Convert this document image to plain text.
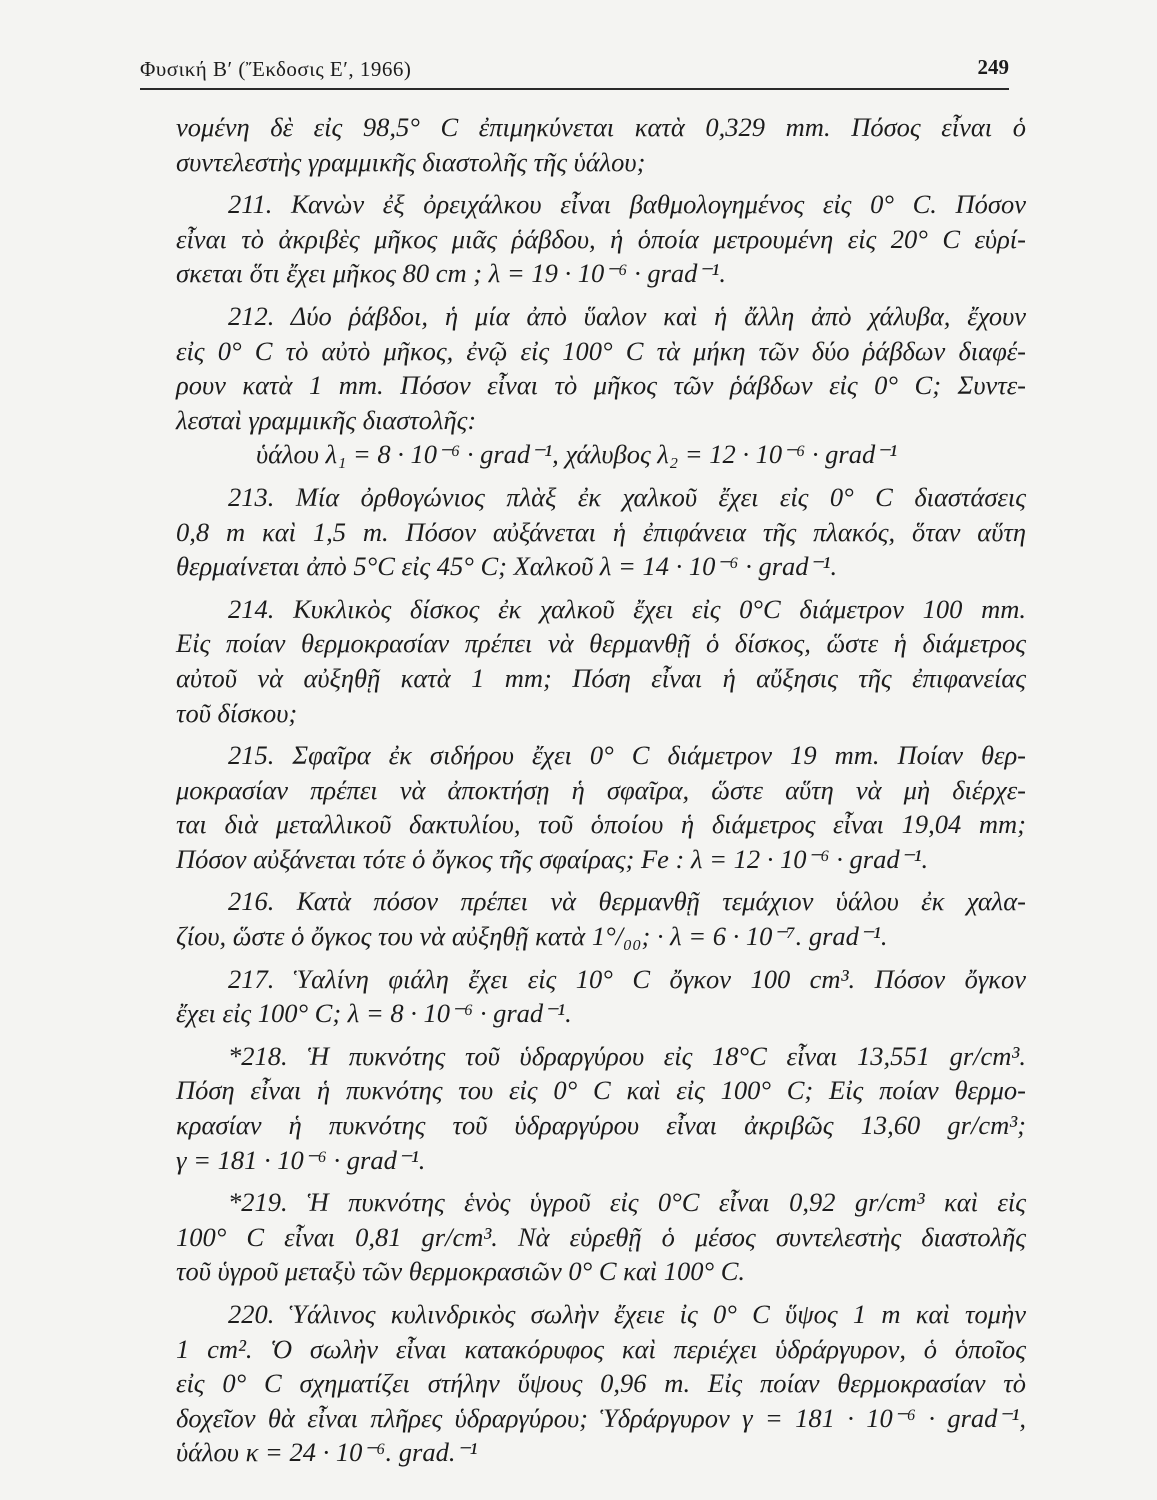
Φυσική Β′ (Ἔκδοσις Ε′, 1966)	249
νομένη δὲ εἰς 98,5° C ἐπιμηκύνεται κατὰ 0,329 mm. Πόσος εἶναι ὁ
συντελεστὴς γραμμικῆς διαστολῆς τῆς ὑάλου;
211. Κανὼν ἐξ ὀρειχάλκου εἶναι βαθμολογημένος εἰς 0° C. Πόσον
εἶναι τὸ ἀκριβὲς μῆκος μιᾶς ῥάβδου, ἡ ὁποία μετρουμένη εἰς 20° C εὑρί-
σκεται ὅτι ἔχει μῆκος 80 cm ; λ = 19 · 10⁻⁶ · grad⁻¹.
212. Δύο ῥάβδοι, ἡ μία ἀπὸ ὕαλον καὶ ἡ ἄλλη ἀπὸ χάλυβα, ἔχουν
εἰς 0° C τὸ αὐτὸ μῆκος, ἐνῷ εἰς 100° C τὰ μήκη τῶν δύο ῥάβδων διαφέ-
ρουν κατὰ 1 mm. Πόσον εἶναι τὸ μῆκος τῶν ῥάβδων εἰς 0° C; Συντε-
λεσταὶ γραμμικῆς διαστολῆς:
ὑάλου λ₁ = 8 · 10⁻⁶ · grad⁻¹, χάλυβος λ₂ = 12 · 10⁻⁶ · grad⁻¹
213. Μία ὀρθογώνιος πλὰξ ἐκ χαλκοῦ ἔχει εἰς 0° C διαστάσεις
0,8 m καὶ 1,5 m. Πόσον αὐξάνεται ἡ ἐπιφάνεια τῆς πλακός, ὅταν αὕτη
θερμαίνεται ἀπὸ 5°C εἰς 45° C; Χαλκοῦ λ = 14 · 10⁻⁶ · grad⁻¹.
214. Κυκλικὸς δίσκος ἐκ χαλκοῦ ἔχει εἰς 0°C διάμετρον 100 mm.
Εἰς ποίαν θερμοκρασίαν πρέπει νὰ θερμανθῇ ὁ δίσκος, ὥστε ἡ διάμετρος
αὐτοῦ νὰ αὐξηθῇ κατὰ 1 mm; Πόση εἶναι ἡ αὔξησις τῆς ἐπιφανείας
τοῦ δίσκου;
215. Σφαῖρα ἐκ σιδήρου ἔχει 0° C διάμετρον 19 mm. Ποίαν θερ-
μοκρασίαν πρέπει νὰ ἀποκτήσῃ ἡ σφαῖρα, ὥστε αὕτη νὰ μὴ διέρχε-
ται διὰ μεταλλικοῦ δακτυλίου, τοῦ ὁποίου ἡ διάμετρος εἶναι 19,04 mm;
Πόσον αὐξάνεται τότε ὁ ὄγκος τῆς σφαίρας; Fe : λ = 12 · 10⁻⁶ · grad⁻¹.
216. Κατὰ πόσον πρέπει νὰ θερμανθῇ τεμάχιον ὑάλου ἐκ χαλα-
ζίου, ὥστε ὁ ὄγκος του νὰ αὐξηθῇ κατὰ 1°/₀₀; · λ = 6 · 10⁻⁷. grad⁻¹.
217. Ὑαλίνη φιάλη ἔχει εἰς 10° C ὄγκον 100 cm³. Πόσον ὄγκον
ἔχει εἰς 100° C; λ = 8 · 10⁻⁶ · grad⁻¹.
*218. Ἡ πυκνότης τοῦ ὑδραργύρου εἰς 18°C εἶναι 13,551 gr/cm³.
Πόση εἶναι ἡ πυκνότης του εἰς 0° C καὶ εἰς 100° C; Εἰς ποίαν θερμο-
κρασίαν ἡ πυκνότης τοῦ ὑδραργύρου εἶναι ἀκριβῶς 13,60 gr/cm³;
γ = 181 · 10⁻⁶ · grad⁻¹.
*219. Ἡ πυκνότης ἑνὸς ὑγροῦ εἰς 0°C εἶναι 0,92 gr/cm³ καὶ εἰς
100° C εἶναι 0,81 gr/cm³. Νὰ εὑρεθῇ ὁ μέσος συντελεστὴς διαστολῆς
τοῦ ὑγροῦ μεταξὺ τῶν θερμοκρασιῶν 0° C καὶ 100° C.
220. Ὑάλινος κυλινδρικὸς σωλὴν ἔχειε ἰς 0° C ὕψος 1 m καὶ τομὴν
1 cm². Ὁ σωλὴν εἶναι κατακόρυφος καὶ περιέχει ὑδράργυρον, ὁ ὁποῖος
εἰς 0° C σχηματίζει στήλην ὕψους 0,96 m. Εἰς ποίαν θερμοκρασίαν τὸ
δοχεῖον θὰ εἶναι πλῆρες ὑδραργύρου; Ὑδράργυρον γ = 181 · 10⁻⁶ · grad⁻¹,
ὑάλου κ = 24 · 10⁻⁶. grad.⁻¹
